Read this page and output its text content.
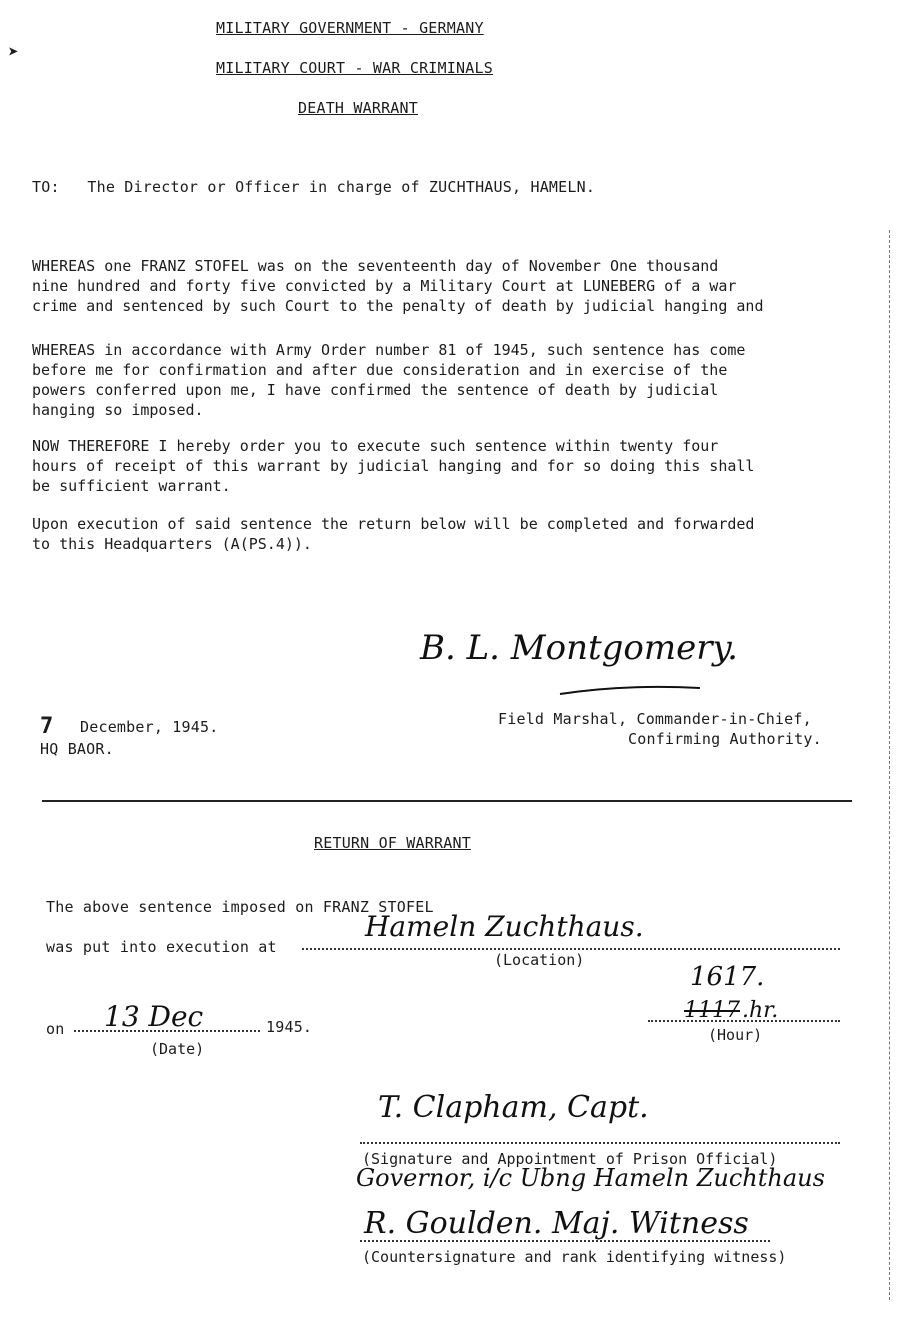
➤
MILITARY GOVERNMENT - GERMANY
MILITARY COURT - WAR CRIMINALS
DEATH WARRANT
TO:   The Director or Officer in charge of ZUCHTHAUS, HAMELN.
WHEREAS one FRANZ STOFEL was on the seventeenth day of November One thousand
nine hundred and forty five convicted by a Military Court at LUNEBERG of a war
crime and sentenced by such Court to the penalty of death by judicial hanging and
WHEREAS in accordance with Army Order number 81 of 1945, such sentence has come
before me for confirmation and after due consideration and in exercise of the
powers conferred upon me, I have confirmed the sentence of death by judicial
hanging so imposed.
NOW THEREFORE I hereby order you to execute such sentence within twenty four
hours of receipt of this warrant by judicial hanging and for so doing this shall
be sufficient warrant.
Upon execution of said sentence the return below will be completed and forwarded
to this Headquarters (A(PS.4)).
B. L. Montgomery.
7 December, 1945.
HQ BAOR.
Field Marshal, Commander-in-Chief,
Confirming Authority.
RETURN OF WARRANT
The above sentence imposed on FRANZ STOFEL
was put into execution at
Hameln Zuchthaus.
(Location)
on 13 Dec	1945.
(Date)
1617.
1117 .hr.
(Hour)
T. Clapham, Capt.
(Signature and Appointment of Prison Official)
Governor, i/c Ubng Hameln Zuchthaus
R. Goulden. Maj. Witness
(Countersignature and rank identifying witness)
